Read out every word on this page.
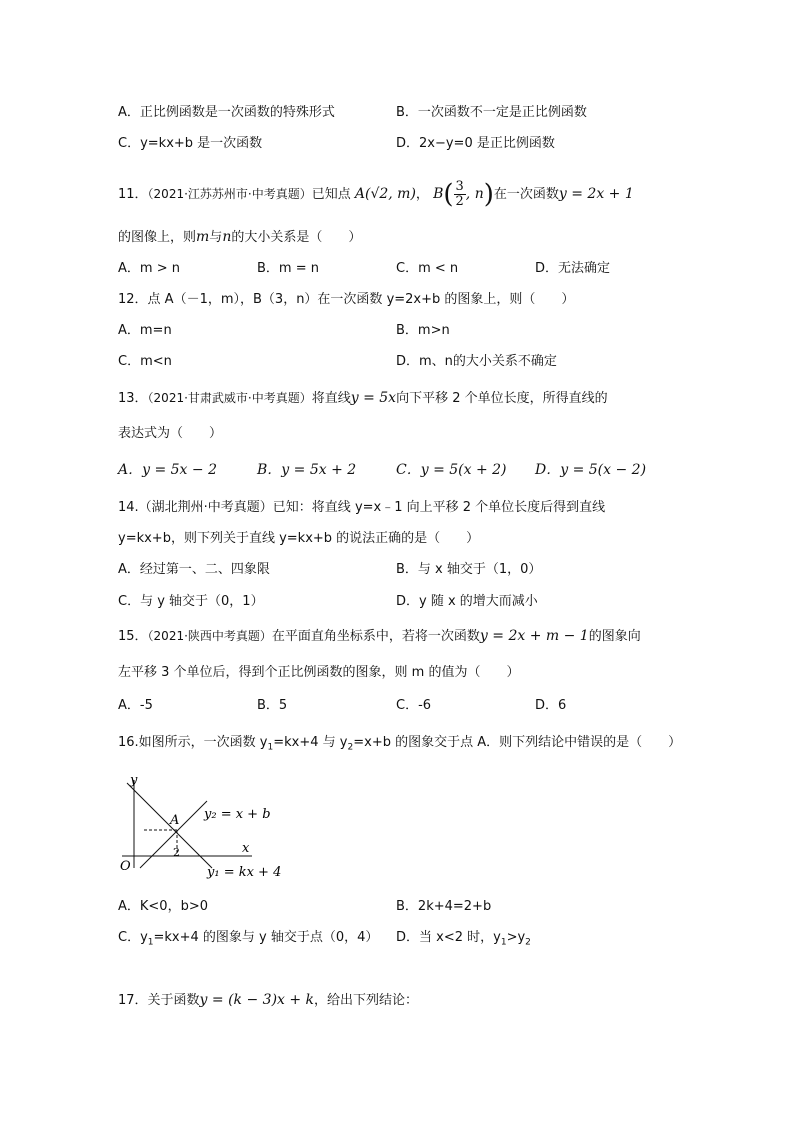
A．正比例函数是一次函数的特殊形式	B．一次函数不一定是正比例函数
C．y=kx+b 是一次函数	D．2x−y=0 是正比例函数
11．（2021·江苏苏州市·中考真题）已知点 A(√2, m)， $B( \frac{3}{2}$ , n)在一次函数y = 2x + 1
的图像上，则m与n的大小关系是（　　）
A．m > n	B．m = n	C．m < n	D．无法确定
12．点 A（－1，m），B（3，n）在一次函数 y=2x+b 的图象上，则（　　）
A．m=n	B．m>n
C．m<n	D．m、n的大小关系不确定
13．（2021·甘肃武威市·中考真题）将直线y = 5x向下平移 2 个单位长度，所得直线的
表达式为（　　）
A．y = 5x − 2	B．y = 5x + 2	C．y = 5(x + 2) D．y = 5(x − 2)
14.（湖北荆州·中考真题）已知：将直线 y=x﹣1 向上平移 2 个单位长度后得到直线
y=kx+b，则下列关于直线 y=kx+b 的说法正确的是（　　）
A．经过第一、二、四象限	B．与 x 轴交于（1，0）
C．与 y 轴交于（0，1）	D．y 随 x 的增大而减小
15．（2021·陕西中考真题）在平面直角坐标系中，若将一次函数y = 2x + m − 1的图象向
左平移 3 个单位后，得到个正比例函数的图象，则 m 的值为（　　）
A．-5	B．5	C．-6	D．6
16.如图所示，一次函数 $y_1=kx+4$ 与 $y_2=x+b$ 的图象交于点 A．则下列结论中错误的是（　　）
x
y
O
A
2
y₂ = x + b
y₁ = kx + 4
A．K<0，b>0	B．2k+4=2+b
C．$y_1=kx+4$ 的图象与 y 轴交于点（0，4） D．当 x<2 时，$y_1>y_2$
17．关于函数y = (k − 3)x + k，给出下列结论：
